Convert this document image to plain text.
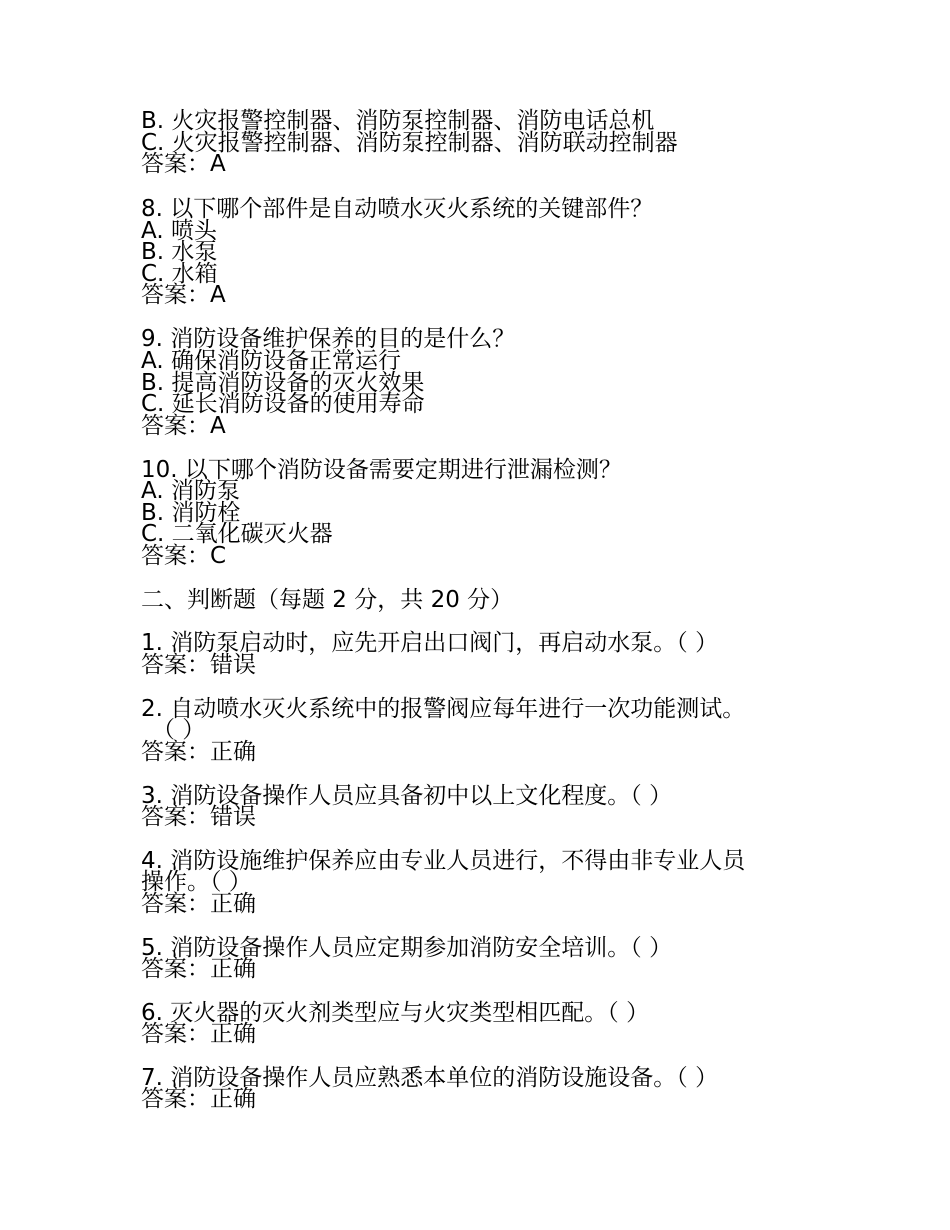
B. 火灾报警控制器、消防泵控制器、消防电话总机

C. 火灾报警控制器、消防泵控制器、消防联动控制器

答案：A

8. 以下哪个部件是自动喷水灭火系统的关键部件？

A. 喷头

B. 水泵

C. 水箱

答案：A

9. 消防设备维护保养的目的是什么？

A. 确保消防设备正常运行

B. 提高消防设备的灭火效果

C. 延长消防设备的使用寿命

答案：A

10. 以下哪个消防设备需要定期进行泄漏检测？

A. 消防泵

B. 消防栓

C. 二氧化碳灭火器

答案：C

二、判断题（每题 2 分，共 20 分）

1. 消防泵启动时，应先开启出口阀门，再启动水泵。（ ）

答案：错误

2. 自动喷水灭火系统中的报警阀应每年进行一次功能测试。

（ ）

答案：正确

3. 消防设备操作人员应具备初中以上文化程度。（ ）

答案：错误

4. 消防设施维护保养应由专业人员进行，不得由非专业人员

操作。（ ）

答案：正确

5. 消防设备操作人员应定期参加消防安全培训。（ ）

答案：正确

6. 灭火器的灭火剂类型应与火灾类型相匹配。（ ）

答案：正确

7. 消防设备操作人员应熟悉本单位的消防设施设备。（ ）

答案：正确
